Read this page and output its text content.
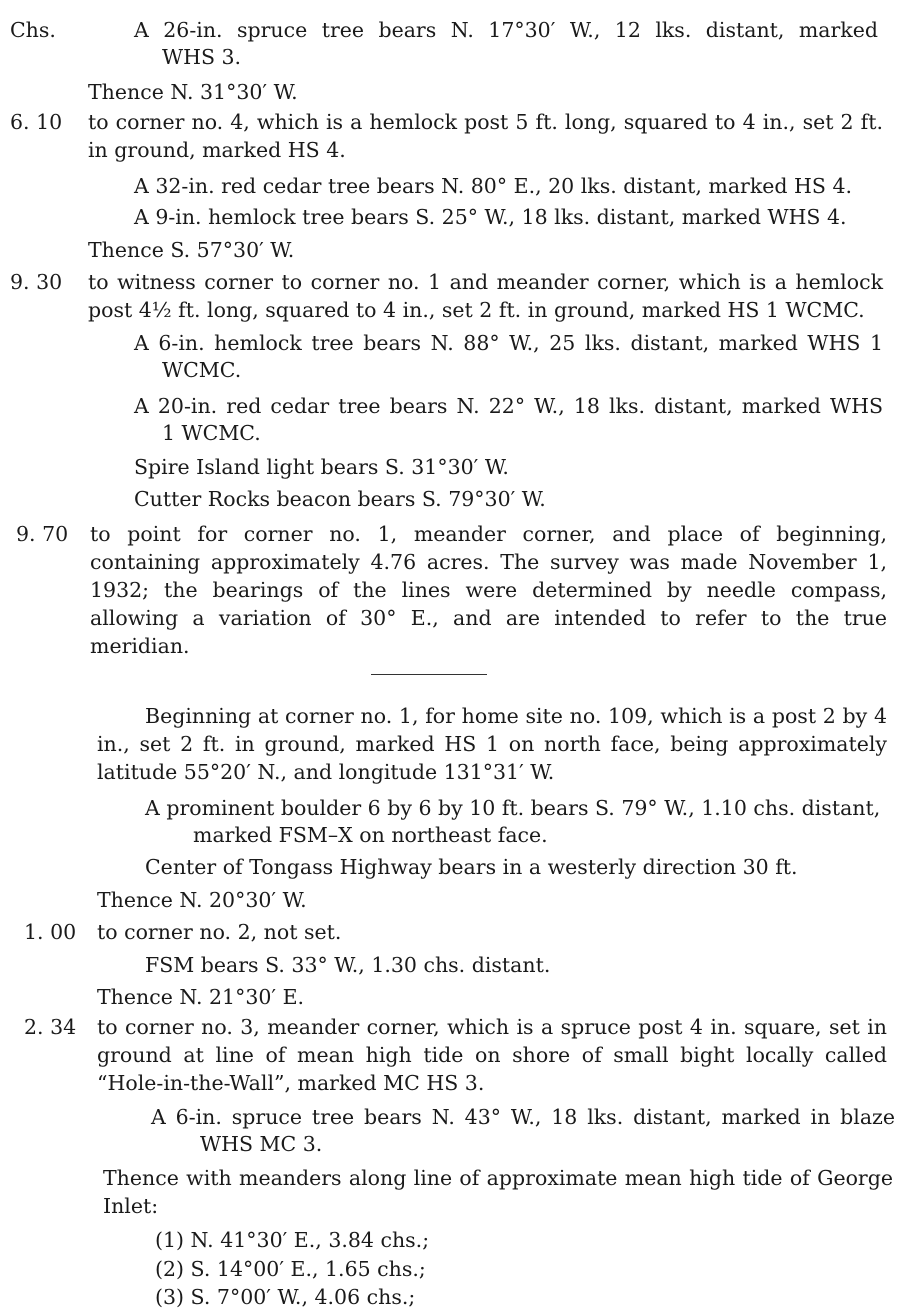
Chs.	A 26-in. spruce tree bears N. 17°30′ W., 12 lks. distant, marked
WHS 3.
Thence N. 31°30′ W.
6. 10 to corner no. 4, which is a hemlock post 5 ft. long, squared to 4 in., set 2 ft. in ground, marked HS 4.
A 32-in. red cedar tree bears N. 80° E., 20 lks. distant, marked HS 4.
A 9-in. hemlock tree bears S. 25° W., 18 lks. distant, marked WHS 4.
Thence S. 57°30′ W.
9. 30 to witness corner to corner no. 1 and meander corner, which is a hemlock post 4½ ft. long, squared to 4 in., set 2 ft. in ground, marked HS 1 WCMC.
A 6-in. hemlock tree bears N. 88° W., 25 lks. distant, marked WHS 1
WCMC.
A 20-in. red cedar tree bears N. 22° W., 18 lks. distant, marked WHS
1 WCMC.
Spire Island light bears S. 31°30′ W.
Cutter Rocks beacon bears S. 79°30′ W.
9. 70 to point for corner no. 1, meander corner, and place of beginning, containing approximately 4.76 acres. The survey was made November 1, 1932; the bearings of the lines were determined by needle compass, allowing a variation of 30° E., and are intended to refer to the true meridian.
Beginning at corner no. 1, for home site no. 109, which is a post 2 by 4 in., set 2 ft. in ground, marked HS 1 on north face, being approximately latitude 55°20′ N., and longitude 131°31′ W.
A prominent boulder 6 by 6 by 10 ft. bears S. 79° W., 1.10 chs. distant,
marked FSM–X on northeast face.
Center of Tongass Highway bears in a westerly direction 30 ft.
Thence N. 20°30′ W.
1. 00 to corner no. 2, not set.
FSM bears S. 33° W., 1.30 chs. distant.
Thence N. 21°30′ E.
2. 34 to corner no. 3, meander corner, which is a spruce post 4 in. square, set in ground at line of mean high tide on shore of small bight locally called “Hole-in-the-Wall”, marked MC HS 3.
A 6-in. spruce tree bears N. 43° W., 18 lks. distant, marked in blaze
WHS MC 3.
Thence with meanders along line of approximate mean high tide of George Inlet:
(1) N. 41°30′ E., 3.84 chs.;
(2) S. 14°00′ E., 1.65 chs.;
(3) S. 7°00′ W., 4.06 chs.;
